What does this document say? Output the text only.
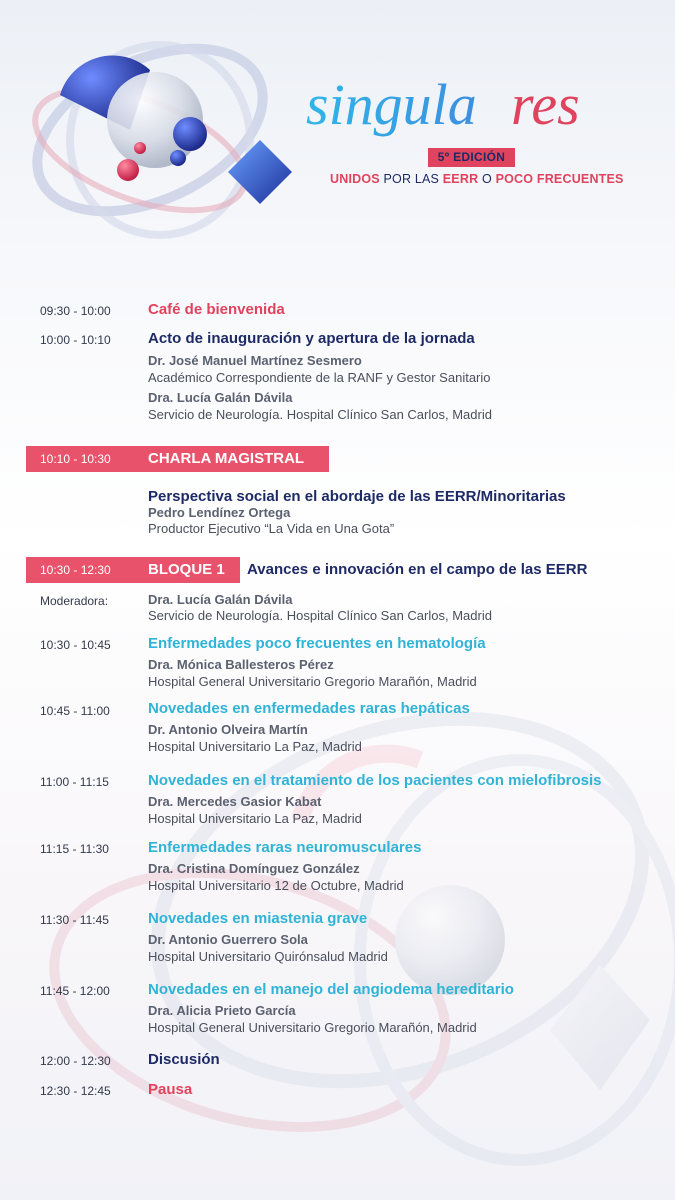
singula res
5º EDICIÓN
UNIDOS POR LAS EERR O POCO FRECUENTES
09:30 - 10:00 Café de bienvenida
10:00 - 10:10 Acto de inauguración y apertura de la jornada
Dr. José Manuel Martínez Sesmero
Académico Correspondiente de la RANF y Gestor Sanitario
Dra. Lucía Galán Dávila
Servicio de Neurología. Hospital Clínico San Carlos, Madrid
10:10 - 10:30 CHARLA MAGISTRAL
Perspectiva social en el abordaje de las EERR/Minoritarias
Pedro Lendínez Ortega
Productor Ejecutivo “La Vida en Una Gota”
10:30 - 12:30 BLOQUE 1 Avances e innovación en el campo de las EERR
Moderadora:	Dra. Lucía Galán Dávila
Servicio de Neurología. Hospital Clínico San Carlos, Madrid
10:30 - 10:45 Enfermedades poco frecuentes en hematología
Dra. Mónica Ballesteros Pérez
Hospital General Universitario Gregorio Marañón, Madrid
10:45 - 11:00	Novedades en enfermedades raras hepáticas
Dr. Antonio Olveira Martín
Hospital Universitario La Paz, Madrid
11:00 - 11:15	Novedades en el tratamiento de los pacientes con mielofibrosis
Dra. Mercedes Gasior Kabat
Hospital Universitario La Paz, Madrid
11:15 - 11:30	Enfermedades raras neuromusculares
Dra. Cristina Domínguez González
Hospital Universitario 12 de Octubre, Madrid
11:30 - 11:45	Novedades en miastenia grave
Dr. Antonio Guerrero Sola
Hospital Universitario Quirónsalud Madrid
11:45 - 12:00	Novedades en el manejo del angiodema hereditario
Dra. Alicia Prieto García
Hospital General Universitario Gregorio Marañón, Madrid
12:00 - 12:30 Discusión
12:30 - 12:45 Pausa
